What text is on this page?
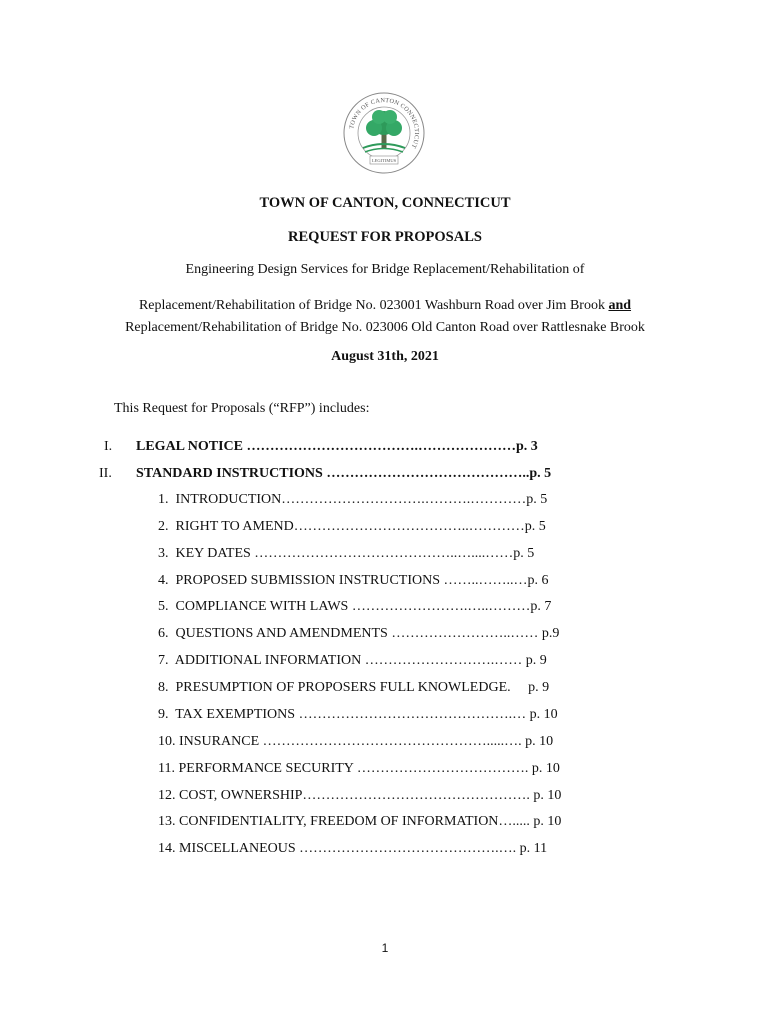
TOWN OF CANTON CONNECTICUT
LEGITIMUS
TOWN OF CANTON, CONNECTICUT
REQUEST FOR PROPOSALS
Engineering Design Services for Bridge Replacement/Rehabilitation of
Replacement/Rehabilitation of Bridge No. 023001 Washburn Road over Jim Brook and
Replacement/Rehabilitation of Bridge No. 023006 Old Canton Road over Rattlesnake Brook
August 31th, 2021
This Request for Proposals (“RFP”) includes:
I. LEGAL NOTICE ……………………………….…………………p. 3
II. STANDARD INSTRUCTIONS ……………………………………..p. 5
1.  INTRODUCTION………………………….……….…………p. 5
2.  RIGHT TO AMEND………………………………..…………p. 5
3.  KEY DATES ……………………………………..…....……p. 5
4.  PROPOSED SUBMISSION INSTRUCTIONS ……..……..…p. 6
5.  COMPLIANCE WITH LAWS …………………….…..………p. 7
6.  QUESTIONS AND AMENDMENTS ……………………..…… p.9
7.  ADDITIONAL INFORMATION ……………………….…… p. 9
8.  PRESUMPTION OF PROPOSERS FULL KNOWLEDGE.     p. 9
9.  TAX EXEMPTIONS ……………………………………….… p. 10
10. INSURANCE ………………………………………….....…. p. 10
11. PERFORMANCE SECURITY ………………………………. p. 10
12. COST, OWNERSHIP…………………………………………. p. 10
13. CONFIDENTIALITY, FREEDOM OF INFORMATION…..... p. 10
14. MISCELLANEOUS …………………………………….…. p. 11
1
